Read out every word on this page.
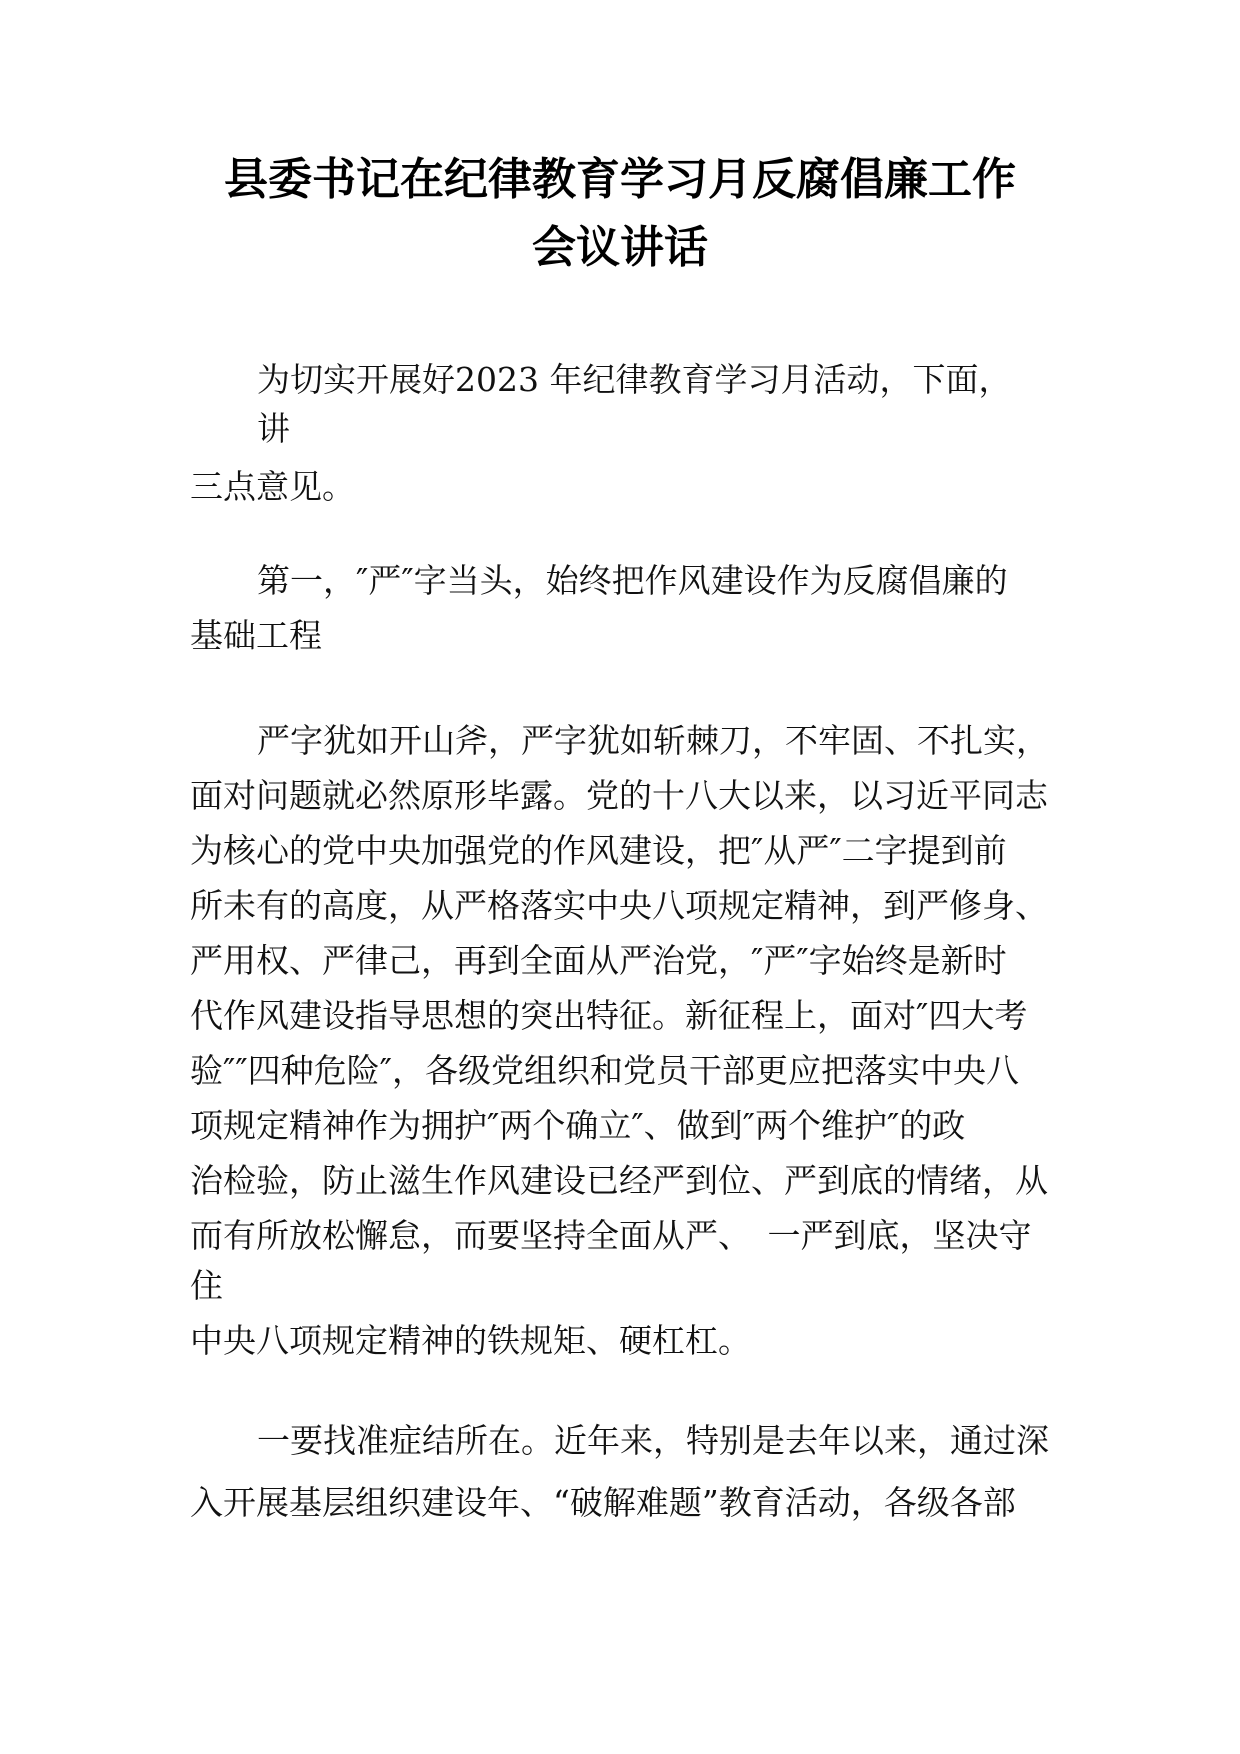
县委书记在纪律教育学习月反腐倡廉工作
会议讲话
为切实开展好2023 年纪律教育学习月活动，下面，
讲
三点意见。
第一，″严″字当头，始终把作风建设作为反腐倡廉的
基础工程
严字犹如开山斧，严字犹如斩棘刀，不牢固、不扎实，
面对问题就必然原形毕露。党的十八大以来，以习近平同志
为核心的党中央加强党的作风建设，把″从严″二字提到前
所未有的高度，从严格落实中央八项规定精神，到严修身、
严用权、严律己，再到全面从严治党，″严″字始终是新时
代作风建设指导思想的突出特征。新征程上，面对″四大考
验″″四种危险″，各级党组织和党员干部更应把落实中央八
项规定精神作为拥护″两个确立″、做到″两个维护″的政
治检验，防止滋生作风建设已经严到位、严到底的情绪，从
而有所放松懈怠，而要坚持全面从严、　一严到底，坚决守
住
中央八项规定精神的铁规矩、硬杠杠。
一要找准症结所在。近年来，特别是去年以来，通过深
入开展基层组织建设年、“破解难题”教育活动，各级各部
